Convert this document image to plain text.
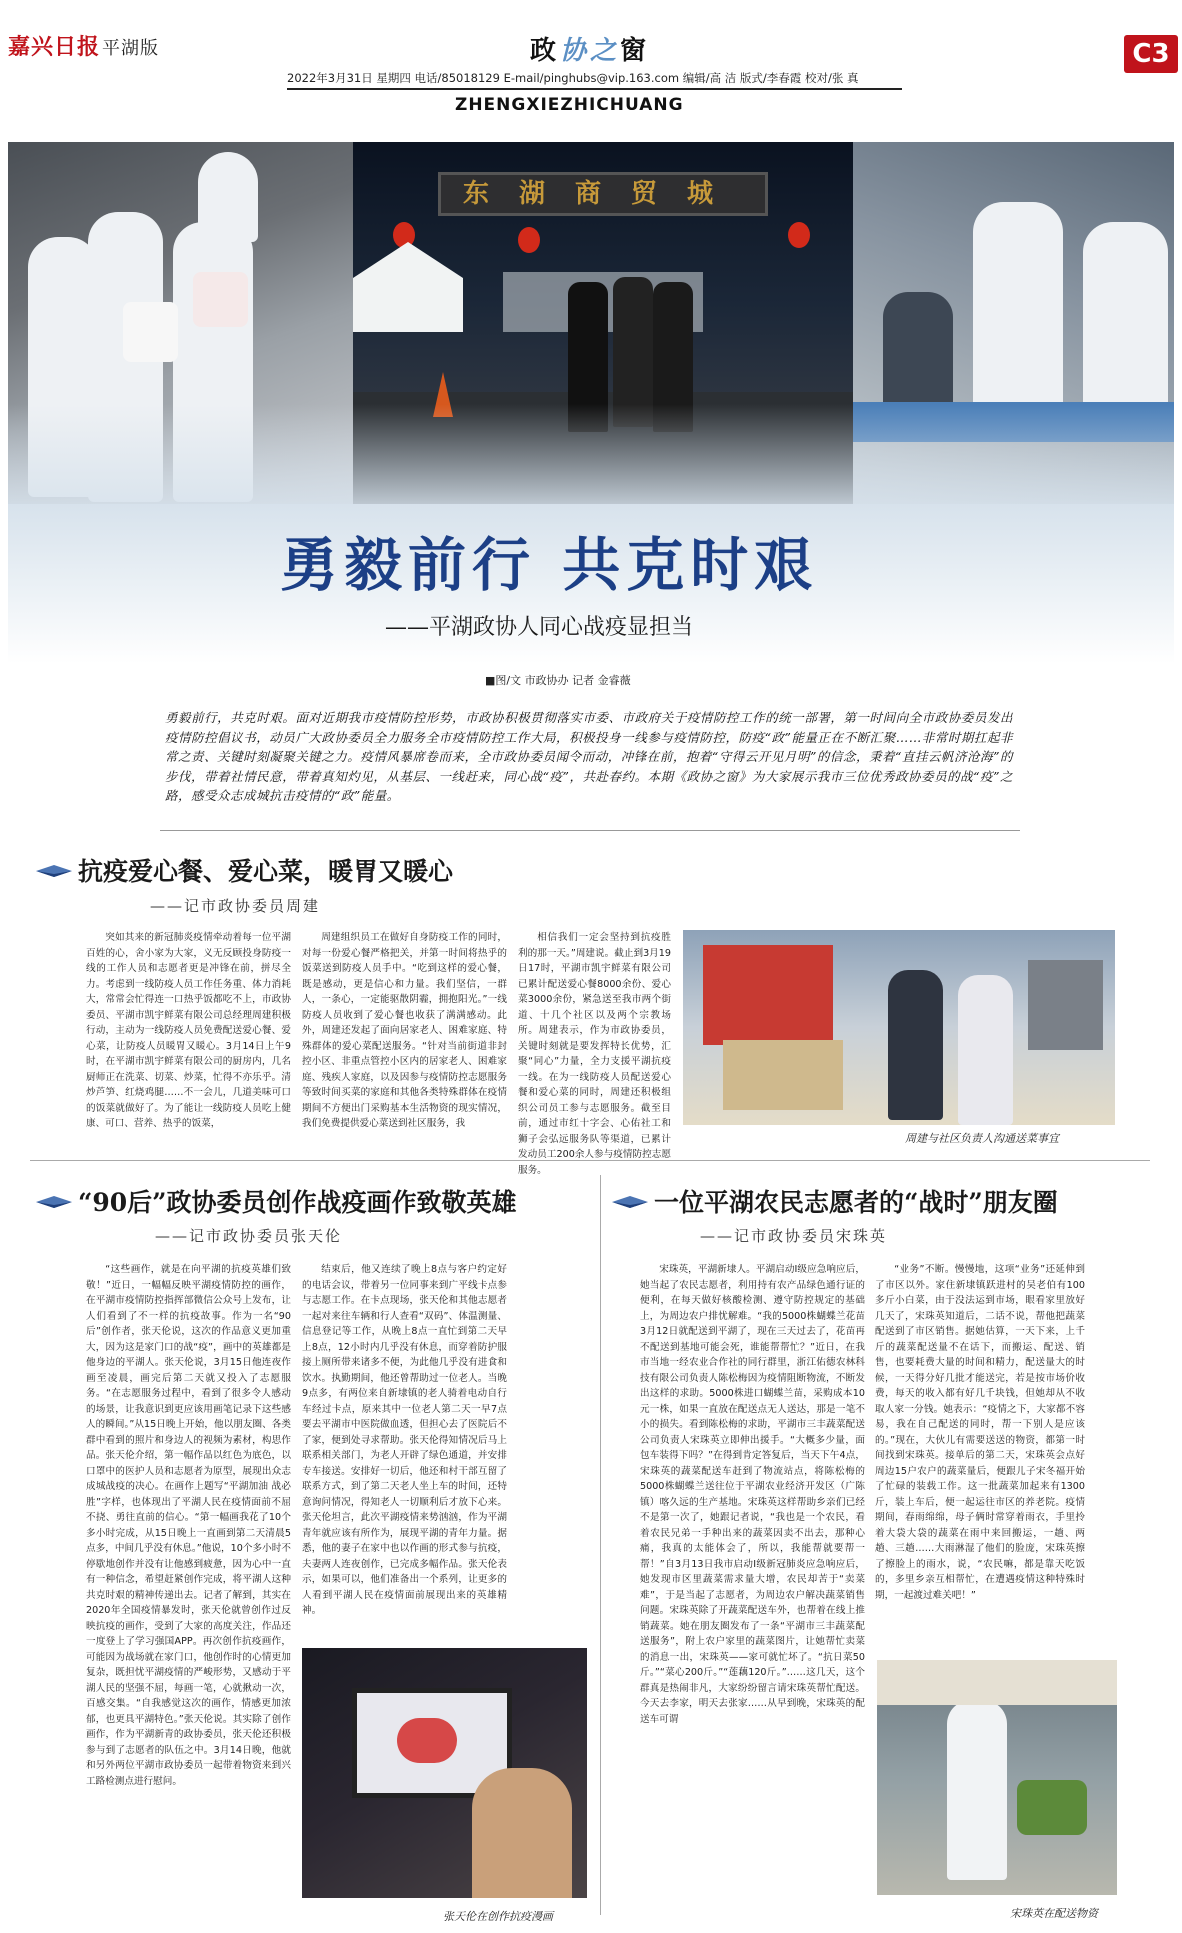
嘉兴日报 平湖版	政协之窗	C3
2022年3月31日 星期四 电话/85018129 E-mail/pinghubs@vip.163.com 编辑/高 洁 版式/李春霞 校对/张 真
ZHENGXIEZHICHUANG
东湖商贸城
勇毅前行 共克时艰
——平湖政协人同心战疫显担当
■图/文 市政协办 记者 金睿薇
勇毅前行，共克时艰。面对近期我市疫情防控形势，市政协积极贯彻落实市委、市政府关于疫情防控工作的统一部署，第一时间向全市政协委员发出疫情防控倡议书，动员广大政协委员全力服务全市疫情防控工作大局，积极投身一线参与疫情防控，防疫“政”能量正在不断汇聚……非常时期扛起非常之责、关键时刻凝聚关键之力。疫情风暴席卷而来，全市政协委员闻令而动，冲锋在前，抱着“守得云开见月明”的信念，秉着“直挂云帆济沧海”的步伐，带着社情民意，带着真知灼见，从基层、一线赶来，同心战“疫”，共赴春约。本期《政协之窗》为大家展示我市三位优秀政协委员的战“疫”之路，感受众志成城抗击疫情的“政”能量。
抗疫爱心餐、爱心菜，暖胃又暖心
——记市政协委员周建

突如其来的新冠肺炎疫情牵动着每一位平湖百姓的心，舍小家为大家，义无反顾投身防疫一线的工作人员和志愿者更是冲锋在前，拼尽全力。考虑到一线防疫人员工作任务重、体力消耗大，常常会忙得连一口热乎饭都吃不上，市政协委员、平湖市凯宇鲜菜有限公司总经理周建积极行动，主动为一线防疫人员免费配送爱心餐、爱心菜，让防疫人员暖胃又暖心。3月14日上午9时，在平湖市凯宇鲜菜有限公司的厨房内，几名厨师正在洗菜、切菜、炒菜，忙得不亦乐乎。清炒芦笋、红烧鸡腿……不一会儿，几道美味可口的饭菜就做好了。为了能让一线防疫人员吃上健康、可口、营养、热乎的饭菜，

周建组织员工在做好自身防疫工作的同时，对每一份爱心餐严格把关，并第一时间将热乎的饭菜送到防疫人员手中。“吃到这样的爱心餐，既是感动，更是信心和力量。我们坚信，一群人，一条心，一定能驱散阴霾，拥抱阳光。”一线防疫人员收到了爱心餐也收获了满满感动。此外，周建还发起了面向居家老人、困难家庭、特殊群体的爱心菜配送服务。“针对当前街道非封控小区、非重点管控小区内的居家老人、困难家庭、残疾人家庭，以及因参与疫情防控志愿服务等致时间买菜的家庭和其他各类特殊群体在疫情期间不方便出门采购基本生活物资的现实情况，我们免费提供爱心菜送到社区服务，我

相信我们一定会坚持到抗疫胜利的那一天。”周建说。截止到3月19日17时，平湖市凯宇鲜菜有限公司已累计配送爱心餐8000余份、爱心菜3000余份，紧急送至我市两个街道、十几个社区以及两个宗教场所。周建表示，作为市政协委员，关键时刻就是要发挥特长优势，汇聚“同心”力量，全力支援平湖抗疫一线。在为一线防疫人员配送爱心餐和爱心菜的同时，周建还积极组织公司员工参与志愿服务。截至目前，通过市红十字会、心佑社工和狮子会弘远服务队等渠道，已累计发动员工200余人参与疫情防控志愿服务。

周建与社区负责人沟通送菜事宜
“90后”政协委员创作战疫画作致敬英雄
——记市政协委员张天伦

“这些画作，就是在向平湖的抗疫英雄们致敬！”近日，一幅幅反映平湖疫情防控的画作，在平湖市疫情防控指挥部微信公众号上发布，让人们看到了不一样的抗疫故事。作为一名“90后”创作者，张天伦说，这次的作品意义更加重大，因为这是家门口的战“疫”，画中的英雄都是他身边的平湖人。张天伦说，3月15日他连夜作画至凌晨，画完后第二天就又投入了志愿服务。“在志愿服务过程中，看到了很多令人感动的场景，让我意识到更应该用画笔记录下这些感人的瞬间。”从15日晚上开始，他以朋友圈、各类群中看到的照片和身边人的视频为素材，构思作品。张天伦介绍，第一幅作品以红色为底色，以口罩中的医护人员和志愿者为原型，展现出众志成城战疫的决心。在画作上题写“平湖加油 战必胜”字样，也体现出了平湖人民在疫情面前不屈不挠、勇往直前的信心。“第一幅画我花了10个多小时完成，从15日晚上一直画到第二天清晨5点多，中间几乎没有休息。”他说，10个多小时不停歇地创作并没有让他感到疲惫，因为心中一直有一种信念，希望赶紧创作完成，将平湖人这种共克时艰的精神传递出去。记者了解到，其实在2020年全国疫情暴发时，张天伦就曾创作过反映抗疫的画作，受到了大家的高度关注，作品还一度登上了学习强国APP。再次创作抗疫画作，可能因为战场就在家门口，他创作时的心情更加复杂，既担忧平湖疫情的严峻形势，又感动于平湖人民的坚强不屈，每画一笔，心就揪动一次，百感交集。“自我感觉这次的画作，情感更加浓郁，也更具平湖特色。”张天伦说。其实除了创作画作，作为平湖新青的政协委员，张天伦还积极参与到了志愿者的队伍之中。3月14日晚，他就和另外两位平湖市政协委员一起带着物资来到兴工路检测点进行慰问。

结束后，他又连续了晚上8点与客户约定好的电话会议，带着另一位同事来到广平线卡点参与志愿工作。在卡点现场，张天伦和其他志愿者一起对来往车辆和行人查看“双码”、体温测量、信息登记等工作，从晚上8点一直忙到第二天早上8点，12小时内几乎没有休息，而穿着防护服接上厕所带来诸多不便，为此他几乎没有进食和饮水。执勤期间，他还曾帮助过一位老人。当晚9点多，有两位来自新埭镇的老人骑着电动自行车经过卡点，原来其中一位老人第二天一早7点要去平湖市中医院做血透，但担心去了医院后不了家，便到处寻求帮助。张天伦得知情况后马上联系相关部门，为老人开辟了绿色通道，并安排专车接送。安排好一切后，他还和村干部互留了联系方式，到了第二天老人坐上车的时间，还特意询问情况，得知老人一切顺利后才放下心来。张天伦坦言，此次平湖疫情来势汹汹，作为平湖青年就应该有所作为，展现平湖的青年力量。据悉，他的妻子在家中也以作画的形式参与抗疫，夫妻两人连夜创作，已完成多幅作品。张天伦表示，如果可以，他们准备出一个系列，让更多的人看到平湖人民在疫情面前展现出来的英雄精神。

张天伦在创作抗疫漫画
一位平湖农民志愿者的“战时”朋友圈
——记市政协委员宋珠英

宋珠英，平湖新埭人。平湖启动I级应急响应后，她当起了农民志愿者，利用持有农产品绿色通行证的便利，在每天做好核酸检测、遵守防控规定的基础上，为周边农户排忧解难。“我的5000株蝴蝶兰花苗3月12日就配送到平湖了，现在三天过去了，花苗再不配送到基地可能会死，谁能帮帮忙？”近日，在我市当地一经农业合作社的同行群里，浙江佑德农林科技有限公司负责人陈松梅因为疫情阻断物流，不断发出这样的求助。5000株进口蝴蝶兰苗，采购成本10元一株，如果一直放在配送点无人送达，那是一笔不小的损失。看到陈松梅的求助，平湖市三丰蔬菜配送公司负责人宋珠英立即伸出援手。“大概多少量，面包车装得下吗？”在得到肯定答复后，当天下午4点，宋珠英的蔬菜配送车赶到了物流站点，将陈松梅的5000株蝴蝶兰送往位于平湖农业经济开发区（广陈镇）喀久远的生产基地。宋珠英这样帮助乡亲们已经不是第一次了，她跟记者说，“我也是一个农民，看着农民兄弟一手种出来的蔬菜因卖不出去，那种心痛，我真的太能体会了，所以，我能帮就要帮一帮！”自3月13日我市启动I级新冠肺炎应急响应后，她发现市区里蔬菜需求量大增，农民却苦于“卖菜难”，于是当起了志愿者，为周边农户解决蔬菜销售问题。宋珠英除了开蔬菜配送车外，也帮着在线上推销蔬菜。她在朋友圈发布了一条“平湖市三丰蔬菜配送服务”，附上农户家里的蔬菜图片，让她帮忙卖菜的消息一出，宋珠英——家可就忙坏了。“抗日菜50斤。”“菜心200斤。”“莲藕120斤。”……这几天，这个群真是热闹非凡，大家纷纷留言请宋珠英帮忙配送。今天去李家，明天去张家……从早到晚，宋珠英的配送车可谓

“业务”不断。慢慢地，这项“业务”还延伸到了市区以外。家住新埭镇跃进村的吴老伯有100多斤小白菜，由于没法运到市场，眼看家里放好几天了，宋珠英知道后，二话不说，帮他把蔬菜配送到了市区销售。据她估算，一天下来，上千斤的蔬菜配送量不在话下，而搬运、配送、销售，也要耗费大量的时间和精力，配送量大的时候，一天得分好几批才能送完，若是按市场价收费，每天的收入都有好几千块钱，但她却从不收取人家一分钱。她表示：“疫情之下，大家都不容易，我在自己配送的同时，帮一下别人是应该的。”现在，大伙儿有需要送送的物资，都第一时间找到宋珠英。接单后的第二天，宋珠英会点好周边15户农户的蔬菜量后，便跟儿子宋冬福开始了忙碌的装载工作。这一批蔬菜加起来有1300斤，装上车后，便一起运往市区的养老院。疫情期间，春雨绵绵，母子俩时常穿着雨衣，手里拎着大袋大袋的蔬菜在雨中来回搬运，一趟、两趟、三趟……大雨淋湿了他们的脸庞，宋珠英擦了擦脸上的雨水，说，“农民嘛，都是靠天吃饭的，多里乡亲互相帮忙，在遭遇疫情这种特殊时期，一起渡过难关吧！”

宋珠英在配送物资
